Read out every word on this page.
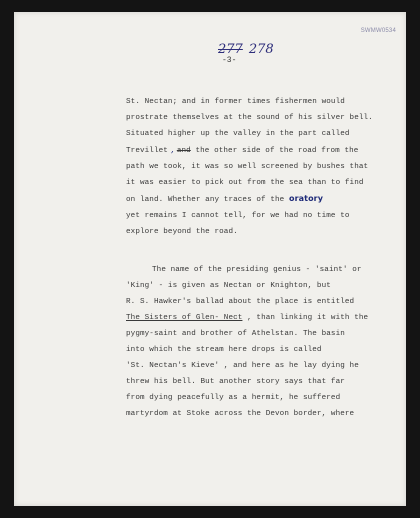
SWMW0534
277 278
-3-
St. Nectan; and in former times fishermen would
prostrate themselves at the sound of his silver bell.
Situated higher up the valley in the part called
Trevillet , and the other side of the road from the
path we took, it was so well screened by bushes that
it was easier to pick out from the sea than to find
on land. Whether any traces of the oratory
yet remains I cannot tell, for we had no time to
explore beyond the road.
The name of the presiding genius - 'saint' or
'King' - is given as Nectan or Knighton, but
R. S. Hawker's ballad about the place is entitled
The Sisters of Glen- Nect , than linking it with the
pygmy-saint and brother of Athelstan. The basin
into which the stream here drops is called
'St. Nectan's Kieve' , and here as he lay dying he
threw his bell. But another story says that far
from dying peacefully as a hermit, he suffered
martyrdom at Stoke across the Devon border, where
